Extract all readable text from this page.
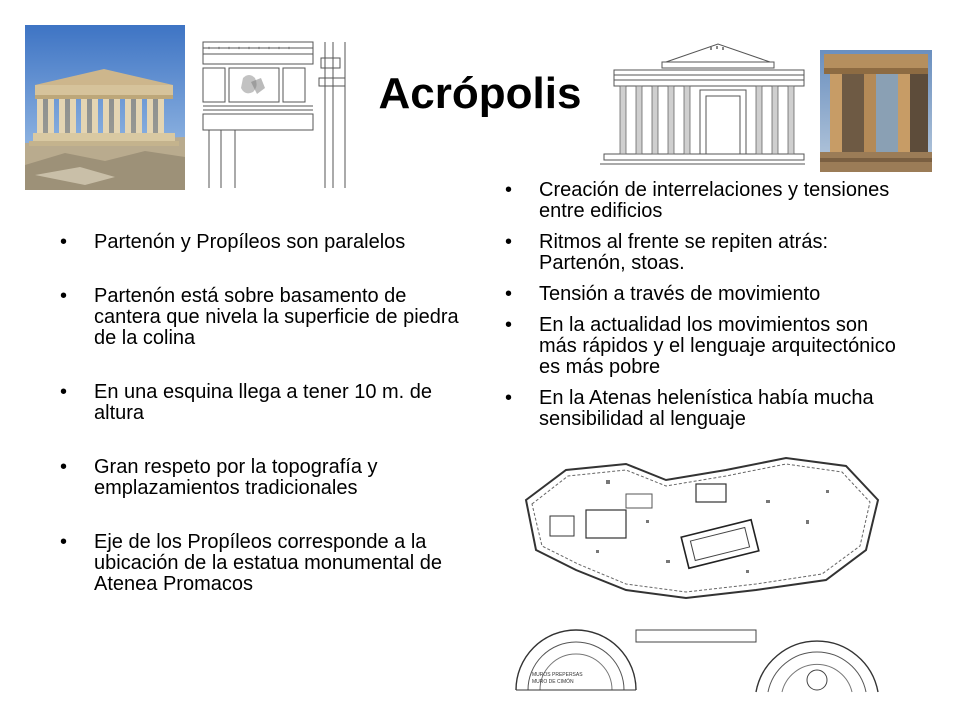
Acrópolis
• Partenón y Propíleos son paralelos
• Partenón está sobre basamento de cantera que nivela la superficie de piedra de la colina
• En una esquina llega a tener 10 m. de altura
• Gran respeto por la topografía y emplazamientos tradicionales
• Eje de los Propíleos corresponde a la ubicación de la estatua monumental de Atenea Promacos
• Creación de interrelaciones y tensiones entre edificios
• Ritmos al frente se repiten atrás: Partenón, stoas.
• Tensión a través de movimiento
• En la actualidad los movimientos son más rápidos y el lenguaje arquitectónico es más pobre
• En la Atenas helenística había mucha sensibilidad al lenguaje
MUROS PREPERSAS
MURO DE CIMÓN
